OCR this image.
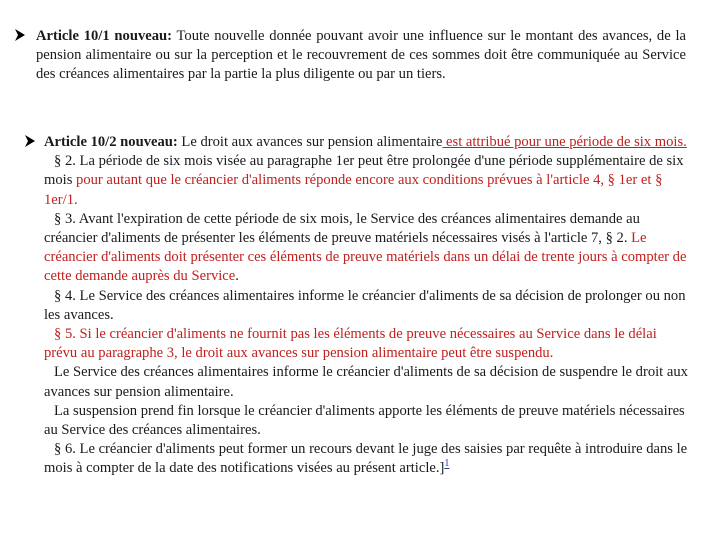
Article 10/1 nouveau: Toute nouvelle donnée pouvant avoir une influence sur le montant des avances, de la pension alimentaire ou sur la perception et le recouvrement de ces sommes doit être communiquée au Service des créances alimentaires par la partie la plus diligente ou par un tiers.
Article 10/2 nouveau: Le droit aux avances sur pension alimentaire est attribué pour une période de six mois.
§ 2. La période de six mois visée au paragraphe 1er peut être prolongée d'une période supplémentaire de six mois pour autant que le créancier d'aliments réponde encore aux conditions prévues à l'article 4, § 1er et § 1er/1.
§ 3. Avant l'expiration de cette période de six mois, le Service des créances alimentaires demande au créancier d'aliments de présenter les éléments de preuve matériels nécessaires visés à l'article 7, § 2. Le créancier d'aliments doit présenter ces éléments de preuve matériels dans un délai de trente jours à compter de cette demande auprès du Service.
§ 4. Le Service des créances alimentaires informe le créancier d'aliments de sa décision de prolonger ou non les avances.
§ 5. Si le créancier d'aliments ne fournit pas les éléments de preuve nécessaires au Service dans le délai prévu au paragraphe 3, le droit aux avances sur pension alimentaire peut être suspendu.
Le Service des créances alimentaires informe le créancier d'aliments de sa décision de suspendre le droit aux avances sur pension alimentaire.
La suspension prend fin lorsque le créancier d'aliments apporte les éléments de preuve matériels nécessaires au Service des créances alimentaires.
§ 6. Le créancier d'aliments peut former un recours devant le juge des saisies par requête à introduire dans le mois à compter de la date des notifications visées au présent article.]$^1$
